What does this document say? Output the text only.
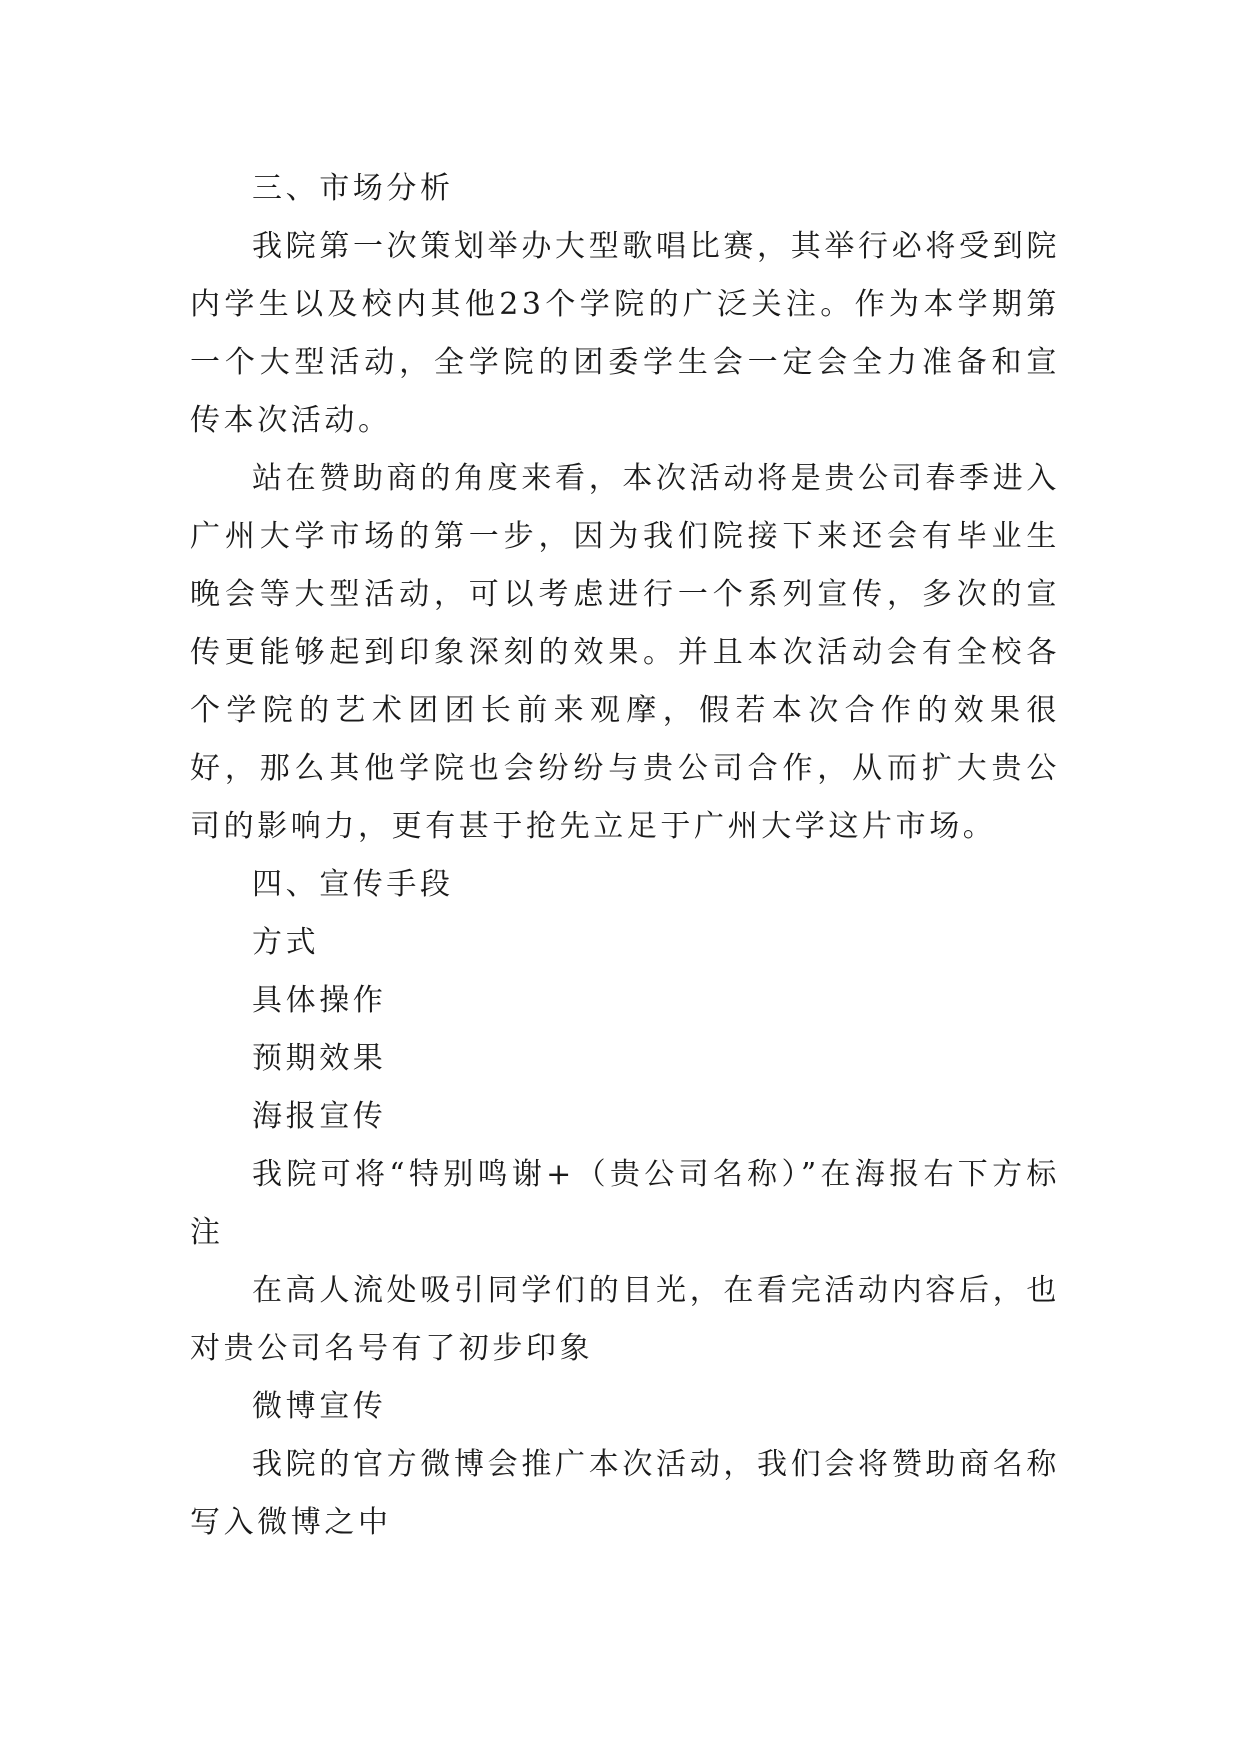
三、市场分析

我院第一次策划举办大型歌唱比赛，其举行必将受到院内学生以及校内其他23个学院的广泛关注。作为本学期第一个大型活动，全学院的团委学生会一定会全力准备和宣传本次活动。

站在赞助商的角度来看，本次活动将是贵公司春季进入广州大学市场的第一步，因为我们院接下来还会有毕业生晚会等大型活动，可以考虑进行一个系列宣传，多次的宣传更能够起到印象深刻的效果。并且本次活动会有全校各个学院的艺术团团长前来观摩，假若本次合作的效果很好，那么其他学院也会纷纷与贵公司合作，从而扩大贵公司的影响力，更有甚于抢先立足于广州大学这片市场。

四、宣传手段

方式

具体操作

预期效果

海报宣传

我院可将“特别鸣谢+（贵公司名称）”在海报右下方标注

在高人流处吸引同学们的目光，在看完活动内容后，也对贵公司名号有了初步印象

微博宣传

我院的官方微博会推广本次活动，我们会将赞助商名称写入微博之中
